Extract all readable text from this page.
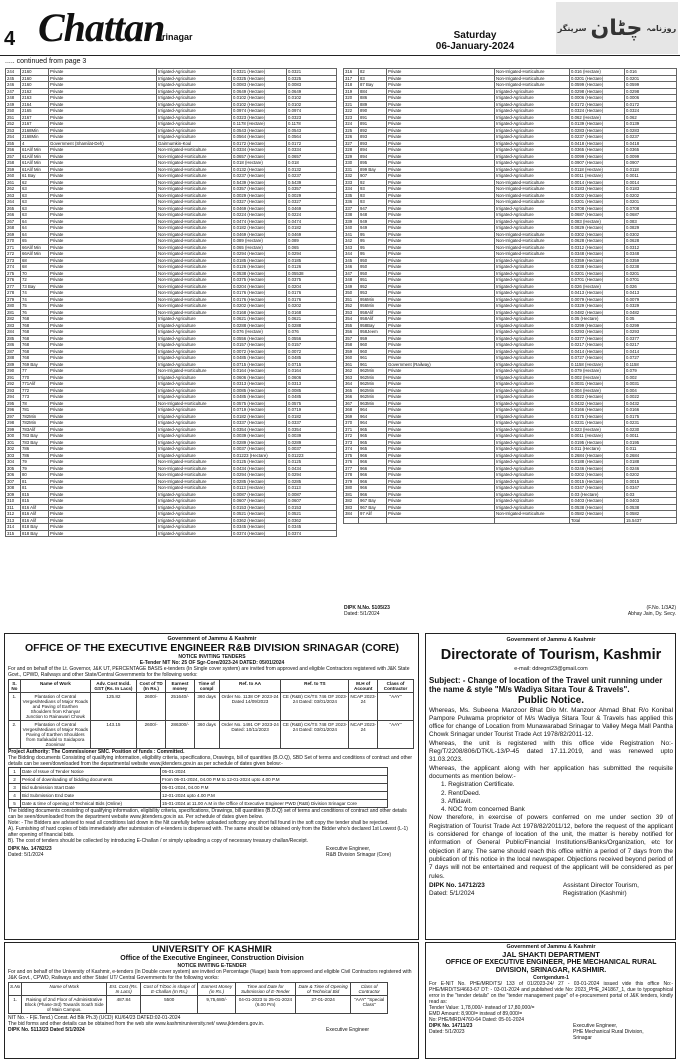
4 Chattan
Srinagar	Saturday
06-January-2024
سرینگر چٹان روزنامہ
..... continued from page 3
244	2160	Private	Irrigated-Agriculture	0.0321 (Hectare)	0.0321
245	2160	Private	Irrigated-Agriculture	0.0325 (Hectare)	0.0325
246	2160	Private	Irrigated-Agriculture	0.0083 (Hectare)	0.0083
247	2162	Private	Irrigated-Agriculture	0.0649 (Hectare)	0.0649
248	2163	Private	Irrigated-Agriculture	0.0102 (Hectare)	0.0102
249	2164	Private	Irrigated-Agriculture	0.0102 (Hectare)	0.0102
250	2165	Private	Irrigated-Agriculture	0.0974 (Hectare)	0.0974
251	2167	Private	Irrigated-Agriculture	0.0323 (Hectare)	0.0323
252	2167	Private	Irrigated-Agriculture	0.1178 (Hectare)	0.1178
253	2168Min	Private	Irrigated-Agriculture	0.0543 (Hectare)	0.0543
254	2168Min	Private	Irrigated-Agriculture	0.0564 (Hectare)	0.0564
255	4	Government (Shamilat-Deh)	Gairmumkin-Koul	0.0172 (Hectare)	0.0172
256	61Alif Min	Private	Non-Irrigated-Horticulture	0.0334 (Hectare)	0.0334
257	61Alif Min	Private	Non-Irrigated-Horticulture	0.0657 (Hectare)	0.0657
258	61Alif Min	Private	Non-Irrigated-Horticulture	0.018 (Hectare)	0.018
259	61Alif Min	Private	Non-Irrigated-Horticulture	0.0132 (Hectare)	0.0132
260	61 Bay	Private	Non-Irrigated-Horticulture	0.0237 (Hectare)	0.0237
261	62	Private	Non-Irrigated-Horticulture	0.5439 (Hectare)	0.5439
262	63	Private	Non-Irrigated-Horticulture	0.0357 (Hectare)	0.0357
263	63	Private	Non-Irrigated-Horticulture	0.0029 (Hectare)	0.0029
264	63	Private	Non-Irrigated-Horticulture	0.0327 (Hectare)	0.0327
265	63	Private	Non-Irrigated-Horticulture	0.0469 (Hectare)	0.0469
266	63	Private	Non-Irrigated-Horticulture	0.0224 (Hectare)	0.0224
267	64	Private	Non-Irrigated-Horticulture	0.0474 (Hectare)	0.0474
268	64	Private	Non-Irrigated-Horticulture	0.0182 (Hectare)	0.0182
269	64	Private	Non-Irrigated-Horticulture	0.0469 (Hectare)	0.0469
270	65	Private	Non-Irrigated-Horticulture	0.089 (Hectare)	0.089
271	66Alif Min	Private	Non-Irrigated-Horticulture	0.065 (Hectare)	0.065
272	66Alif Min	Private	Non-Irrigated-Horticulture	0.0294 (Hectare)	0.0294
273	68	Private	Non-Irrigated-Horticulture	0.0185 (Hectare)	0.0185
274	68	Private	Non-Irrigated-Horticulture	0.0126 (Hectare)	0.0126
275	70	Private	Non-Irrigated-Horticulture	0.0538 (Hectare)	0.05538
276	72	Private	Non-Irrigated-Horticulture	0.0375 (Hectare)	0.0375
277	73 Bay	Private	Non-Irrigated-Horticulture	0.0204 (Hectare)	0.0204
278	74	Private	Non-Irrigated-Horticulture	0.0176 (Hectare)	0.0176
279	74	Private	Non-Irrigated-Horticulture	0.0176 (Hectare)	0.0176
280	75	Private	Non-Irrigated-Horticulture	0.0202 (Hectare)	0.0202
281	76	Private	Non-Irrigated-Horticulture	0.0168 (Hectare)	0.0168
282	768	Private	Irrigated-Agriculture	0.0621 (Hectare)	0.0621
283	768	Private	Irrigated-Agriculture	0.0288 (Hectare)	0.0288
284	768	Private	Irrigated-Agriculture	0.076 (Hectare)	0.076
285	768	Private	Irrigated-Agriculture	0.0556 (Hectare)	0.0556
286	768	Private	Irrigated-Agriculture	0.0157 (Hectare)	0.0157
287	768	Private	Irrigated-Agriculture	0.0072 (Hectare)	0.0072
288	768	Private	Irrigated-Agriculture	0.0485 (Hectare)	0.0485
289	769 Bay	Private	Irrigated-Agriculture	0.0715 (Hectare)	0.0715
290	77	Private	Non-Irrigated-Horticulture	0.0164 (Hectare)	0.0164
291	770	Private	Irrigated-Agriculture	0.0606 (Hectare)	0.0606
292	771Alif	Private	Irrigated-Agriculture	0.0313 (Hectare)	0.0313
293	772	Private	Irrigated-Agriculture	0.0085 (Hectare)	0.0085
294	773	Private	Irrigated-Agriculture	0.0485 (Hectare)	0.0485
295	78	Private	Non-Irrigated-Horticulture	0.0575 (Hectare)	0.0575
296	781	Private	Irrigated-Agriculture	0.0719 (Hectare)	0.0719
297	782Min	Private	Irrigated-Agriculture	0.0182 (Hectare)	0.0182
298	782Min	Private	Irrigated-Agriculture	0.0337 (Hectare)	0.0337
299	783Alif	Private	Irrigated-Agriculture	0.0354 (Hectare)	0.0354
300	783 Bay	Private	Irrigated-Agriculture	0.0039 (Hectare)	0.0039
301	783 Bay	Private	Irrigated-Agriculture	0.0289 (Hectare)	0.0289
302	786	Private	Irrigated-Agriculture	0.0037 (Hectare)	0.0037
303	786	Private	Irrigated-Agriculture	0.01223 (Hectare)	0.01223
304	79	Private	Non-Irrigated-Horticulture	0.0125 (Hectare)	0.0125
305	79	Private	Non-Irrigated-Horticulture	0.0434 (Hectare)	0.0434
306	80	Private	Non-Irrigated-Horticulture	0.0294 (Hectare)	0.0294
307	81	Private	Non-Irrigated-Horticulture	0.0285 (Hectare)	0.0285
308	81	Private	Non-Irrigated-Horticulture	0.0113 (Hectare)	0.0113
309	815	Private	Irrigated-Agriculture	0.0087 (Hectare)	0.0087
310	815	Private	Irrigated-Agriculture	0.0607 (Hectare)	0.0607
311	816 Alif	Private	Irrigated-Agriculture	0.0153 (Hectare)	0.0153
312	816 Alif	Private	Irrigated-Agriculture	0.0521 (Hectare)	0.0521
313	816 Alif	Private	Irrigated-Agriculture	0.0362 (Hectare)	0.0362
314	818 Bay	Private	Irrigated-Agriculture	0.0345 (Hectare)	0.0345
315	818 Bay	Private	Irrigated-Agriculture	0.0374 (Hectare)	0.0374
316	82	Private	Non-Irrigated-Horticulture	0.016 (Hectare)	0.016
317	83	Private	Non-Irrigated-Horticulture	0.0201 (Hectare)	0.0201
318	87 Bay	Private	Non-Irrigated-Horticulture	0.0599 (Hectare)	0.0599
319	884	Private	Irrigated-Agriculture	0.0298 (Hectare)	0.0298
320	886	Private	Irrigated-Agriculture	0.0006 (Hectare)	0.0006
321	889	Private	Irrigated-Agriculture	0.0172 (Hectare)	0.0172
322	890	Private	Irrigated-Agriculture	0.0324 (Hectare)	0.0324
323	891	Private	Irrigated-Agriculture	0.062 (Hectare)	0.062
324	891	Private	Irrigated-Agriculture	0.0139 (Hectare)	0.0139
325	892	Private	Irrigated-Agriculture	0.0283 (Hectare)	0.0283
326	893	Private	Irrigated-Agriculture	0.0237 (Hectare)	0.0237
327	893	Private	Irrigated-Agriculture	0.0418 (Hectare)	0.0418
328	894	Private	Irrigated-Agriculture	0.0365 (Hectare)	0.0365
329	894	Private	Irrigated-Agriculture	0.0099 (Hectare)	0.0099
330	895	Private	Irrigated-Agriculture	0.0907 (Hectare)	0.0907
331	899 Bay	Private	Irrigated-Agriculture	0.0118 (Hectare)	0.0118
332	907	Private	Irrigated-Agriculture	0.0011 (Hectare)	0.0011
333	92	Private	Non-Irrigated-Horticulture	0.0014 (Hectare)	0.0014
334	93	Private	Non-Irrigated-Horticulture	0.0183 (Hectare)	0.0183
335	93	Private	Non-Irrigated-Horticulture	0.0202 (Hectare)	0.0202
336	93	Private	Non-Irrigated-Horticulture	0.0201 (Hectare)	0.0201
337	947	Private	Irrigated-Agriculture	0.0708 (Hectare)	0.0708
338	948	Private	Irrigated-Agriculture	0.0687 (Hectare)	0.0687
339	949	Private	Irrigated-Agriculture	0.083 (Hectare)	0.083
340	949	Private	Irrigated-Agriculture	0.0829 (Hectare)	0.0829
341	95	Private	Non-Irrigated-Horticulture	0.0302 (Hectare)	0.0302
342	95	Private	Non-Irrigated-Horticulture	0.0628 (Hectare)	0.0628
343	95	Private	Non-Irrigated-Horticulture	0.0312 (Hectare)	0.0312
344	95	Private	Non-Irrigated-Horticulture	0.0348 (Hectare)	0.0348
345	950	Private	Irrigated-Agriculture	0.0359 (Hectare)	0.0359
346	950	Private	Irrigated-Agriculture	0.0238 (Hectare)	0.0238
347	950	Private	Irrigated-Agriculture	0.0201 (Hectare)	0.0201
348	951	Private	Irrigated-Agriculture	0.0701 (Hectare)	0.0701
349	952	Private	Irrigated-Agriculture	0.026 (Hectare)	0.026
350	953	Private	Irrigated-Agriculture	0.0413 (Hectare)	0.0413
351	956Min	Private	Irrigated-Agriculture	0.0079 (Hectare)	0.0079
352	956Min	Private	Irrigated-Agriculture	0.0329 (Hectare)	0.0329
353	958Alif	Private	Irrigated-Agriculture	0.0482 (Hectare)	0.0482
354	958Alif	Private	Irrigated-Agriculture	0.05 (Hectare)	0.05
355	958Bay	Private	Irrigated-Agriculture	0.0299 (Hectare)	0.0299
356	958Jeem	Private	Irrigated-Agriculture	0.0293 (Hectare)	0.0293
357	959	Private	Irrigated-Agriculture	0.0377 (Hectare)	0.0377
358	960	Private	Irrigated-Agriculture	0.0217 (Hectare)	0.0217
359	960	Private	Irrigated-Agriculture	0.0414 (Hectare)	0.0414
360	961	Private	Irrigated-Agriculture	0.0727 (Hectare)	0.0727
361	961	Government (Railway)	Irrigated-Agriculture	0.1158 (Hectare)	0.1158
362	962Min	Private	Irrigated-Agriculture	0.079 (Hectare)	0.079
363	962Min	Private	Irrigated-Agriculture	0.002 (Hectare)	0.002
364	962Min	Private	Irrigated-Agriculture	0.0031 (Hectare)	0.0031
365	962Min	Private	Irrigated-Agriculture	0.004 (Hectare)	0.004
366	962Min	Private	Irrigated-Agriculture	0.0022 (Hectare)	0.0022
367	963Min	Private	Irrigated-Agriculture	0.0432 (Hectare)	0.0432
368	964	Private	Irrigated-Agriculture	0.0166 (Hectare)	0.0166
369	964	Private	Irrigated-Agriculture	0.0175 (Hectare)	0.0175
370	964	Private	Irrigated-Agriculture	0.0231 (Hectare)	0.0231
371	965	Private	Irrigated-Agriculture	0.023 (Hectare)	0.0230
372	965	Private	Irrigated-Agriculture	0.0011 (Hectare)	0.0011
373	965	Private	Irrigated-Agriculture	0.0195 (Hectare)	0.0195
374	965	Private	Irrigated-Agriculture	0.011 (Hectare)	0.011
375	966	Private	Irrigated-Agriculture	0.2684 (Hectare)	0.2684
376	966	Private	Irrigated-Agriculture	0.0188 (Hectare)	0.0188
377	966	Private	Irrigated-Agriculture	0.0246 (Hectare)	0.0246
378	966	Private	Irrigated-Agriculture	0.0202 (Hectare)	0.0202
379	966	Private	Irrigated-Agriculture	0.0015 (Hectare)	0.0015
380	966	Private	Irrigated-Agriculture	0.0347 (Hectare)	0.0347
381	966	Private	Irrigated-Agriculture	0.03 (Hectare)	0.03
382	967 Bay	Private	Irrigated-Agriculture	0.0403 (Hectare)	0.0403
383	967 Bay	Private	Irrigated-Agriculture	0.0538 (Hectare)	0.0538
384	97 Alif	Private	Non-Irrigated-Horticulture	0.0582 (Hectare)	0.0582
				Total	15.5437
DIPK N.No. 5105/23	(F.No. 1/3A2)
Dated: 5/1/2024	Abhay Jain, Dy. Secy.
Government of Jammu & Kashmir
OFFICE OF THE EXECUTIVE ENGINEER R&B DIVISION SRINAGAR (CORE)
NOTICE INVITING TENDERS
E-Tender NIT No: 25 OF Sgr-Core/2023-24 DATED: 05/01/2024
For and on behalf of the Lt. Governor, J&K UT, PERCENTAGE BASIS e-tenders (In Single cover system) are invited from approved and eligible Contractors registered with J&K State Govt., CPWD, Railways and other State/Central Governments for the following works:
S. No	Name of Work	Adv. Cost Incld. GST (Rs. In Lacs)	Cost of TD (In Rs.)	Earnest money	Time of compl	Ref. to AA	Ref. to TS	M.H of Account	Class of Contractor
1.	Plantation of Central Verges/Medians of Major Roads and Paving of Earthen Shoulders from Khanyar Junction to Rainawari Chowk	125.82	2600/-	251640/-	360 days	Order No. 1138 OF 2023-24 Dated 14/09/2023	CE (R&B) CK/TS 746 OF 2023-24 Dated: 03/01/2024	NCAP 2023-24	"AAY"
2.	Plantation of Central Verges/Medians of Major Roads Paving of Earthen Shoulders from Safakadal to Saidapora Zoonimar	143.15	2600/-	286300/-	360 days	Order No. 1491 OF 2023-24 Dated: 10/11/2023	CE (R&B) CK/TS 748 OF 2023-24 Dated: 03/01/2024	NCAP 2023-24	"AAY"
Project Authority: The Commissioner SMC. Position of funds : Committed.
The Bidding documents Consisting of qualifying information, eligibility criteria, specifications, Drawings, bill of quantities (B.O.Q), SBD Set of terms and conditions of contract and other details can be seen/downloaded from the departmental website www.jktenders.gov.in as per schedule of dates given below:-
1	Date of Issue of Tender Notice	05-01-2024
2	Period of downloading of bidding documents	From 05-01-2024, 04.00 P.M to 12-01-2024 upto 4.00 P.M
3	Bid submission Start Date	05-01-2024, 04.00 P.M
4	Bid Submission End Date	12-01-2024 upto 4.00 P.M
5	Date & time of opening of Technical Bids (Online)	15-01-2024 at 11.00 A.M in the Office of Executive Engineer PWD (R&B) Division Srinagar Core
The bidding documents consisting of qualifying information, eligibility criteria, specifications, Drawings, bill quantities (B.O.Q) set of terms and conditions of contract and other details can be seen/downloaded from the department website www.jktenders.gov.in as. Per schedule of dates given below.
Note: - The Bidders are advised to read all conditions laid down in the Nit carefully before uploaded softcopy any short fall found in the soft copy the tender shall be rejected.
A). Furnishing of hard copies of bids immediately after submission of e-tenders is dispensed with. The same should be obtained only from the Bidder who's declared 1st Lowest (L-1) after opening of financial bids.
B). The cost of tenders should be collected by introducing E-Challan / or simply uploading a copy of necessary treasury challan/Receipt.
DIPK No. 14782/23
Dated: 5/1/2024
Executive Engineer,
R&B Division Srinagar (Core)
Government of Jammu & Kashmir
Directorate of Tourism, Kashmir
e-mail: ddregnt23@gmail.com
Subject: - Change of location of the Travel unit running under the name & style "M/s Wadiya Sitara Tour & Travels".
Public Notice.
Whereas, Ms. Subeena Manzoor Bhat D/o Mr. Manzoor Ahmad Bhat R/o Konibal Pampore Pulwama proprietor of M/s Wadiya Sitara Tour & Travels has applied this office for change of Location from Munawarabad Srinagar to Valley Mega Mall Pantha Chowk Srinagar under Tourist Trade Act 1978/82/2011-12.
Whereas, the unit is registered with this office vide Registration No:- Reg/T/2208/806/DTK/L-13/P-45 dated 17.11.2019, and was renewed upto 31.03.2023.
Whereas, the applicant along with her application has submitted the requisite documents as mention below:-
1. Registration Certificate.
2. Rent/Deed.
3. Affidavit.
4. NOC from concerned Bank
Now therefore, in exercise of powers conferred on me under section 39 of Registration of Tourist Trade Act 1978/82/2011/12, before the request of the applicant is considered for change of location of the unit, the matter is hereby notified for information of General Public/Financial Institutions/Banks/Organization, etc for objection if any. The same should reach this office within a period of 7 days from the publication of this notice in the local newspaper. Objections received beyond period of 7 days will not be entertained and request of the applicant will be considered as per rules.
DIPK No. 14712/23
Dated: 5/1/2024
Assistant Director Tourism,
Registration (Kashmir)
UNIVERSITY OF KASHMIR
Office of the Executive Engineer, Construction Division
NOTICE INVITING E-TENDER
For and on behalf of the University of Kashmir, e-tenders (In Double cover system) are invited on Percentage (%age) basis from approved and eligible Civil Contractors registered with J&K Govt., CPWD, Railways and other State/ UT/ Central Governments for the following works:
S.No	Name of Work	Est. Cost (Rs. In Lacs)	Cost of T/Doc in shape of E-Challan (In Rs.)	Earnest Money (in Rs.)	Time and Date for Submission of E-Tender	Date & Time of Opening of Technical Bid	Class of Contractor
1.	Raising of 2nd Floor of Administrative Block (Phase-3rd) Towards South Side of Main Campus.	487.84	5500	9,75,680/-	04-01-2023 to 25-01-2024 (6.00 Pm)	27-01-2024	"AAY" "Special Class"
NIT No. - F(E.Tend.) Const. Ad Blk Ph.3) (UCD) KU/64/23 DATED:02-01-2024
The bid forms and other details can be obtained from the web site www.kashmiruniversity.net/ www.jktenders.gov.in.
DIPK No. 5113/23 Dated 5/1/2024	Executive Engineer
Government of Jammu & Kashmir
JAL SHAKTI DEPARTMENT
OFFICE OF EXECUTIVE ENGINEER, PHE MECHANICAL RURAL DIVISION, SRINAGAR, KASHMIR.
Corrigendum-1
For E-NIT No. PHE/MRD/TS/ 133 of 01/2023-24/ 27 - 03-01-2024 issued vide this office No:- PHE/MRD/TS/4663-67 DT: - 03-01-2024 and published vide No: 2023_PHE_241867_1, due to typographical error in the "tender details" on the "tender management page" of e-procurement portal of J&K tenders, kindly read as:
Tender Value: 1,78,000/- instead of 17,80,000/=
EMD Amount: 8,900/= instead of 89,000/=
No: PHE/MRD/4760-64 Dated: 05-01-2024
DIPK No. 14711/23
Dated: 5/1/2023
Executive Engineer,
PHE Mechanical Rural Division,
Srinagar
